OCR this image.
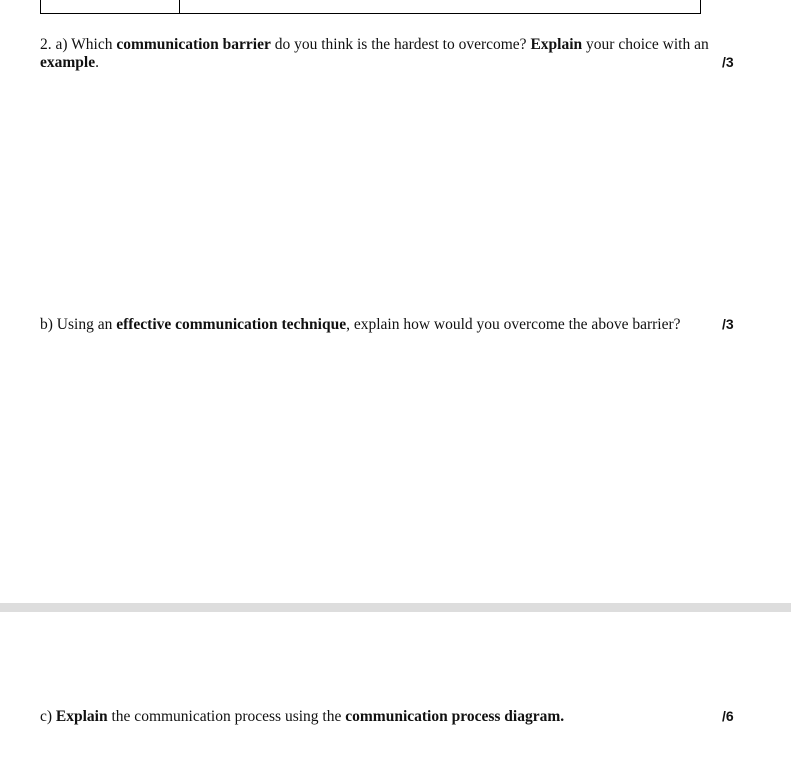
2. a) Which communication barrier do you think is the hardest to overcome? Explain your choice with an
example.	/3
b) Using an effective communication technique, explain how would you overcome the above barrier?	/3
c) Explain the communication process using the communication process diagram.	/6
